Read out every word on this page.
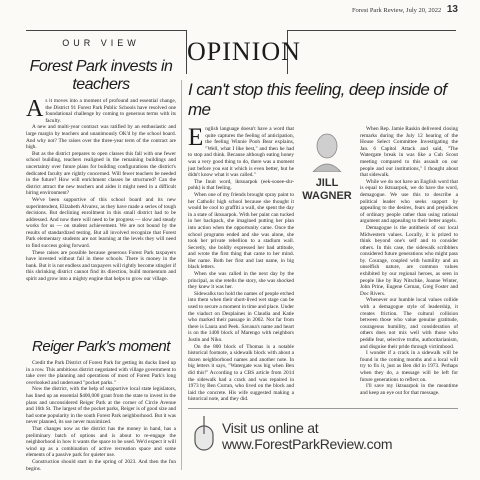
Forest Park Review, July 20, 2022 13
OUR VIEW	OPINION
Forest Park invests in teachers
A s it moves into a moment of profound and essential change, the District 91 Forest Park Public Schools have resolved one foundational challenge by coming to generous terms with its faculty.

A new and multi-year contract was ratified by an enthusiastic and large margin by teachers and unanimously OK'd by the school board. And why not? The raises over the three-year term of the contract are high.

But as the district prepares to open classes this fall with one fewer school building, teachers realigned in the remaining buildings and uncertainty over future plans for building configurations the district's dedicated faculty are rightly concerned. Will fewer teachers be needed in the future? How will enrichment classes be structured? Can the district attract the new teachers and aides it might need in a difficult hiring environment?

We've been supportive of this school board and its new superintendent, Elizabeth Alvarez, as they have made a series of tough decisions. But declining enrollment in this small district had to be addressed. And now there will need to be progress — slow and steady works for us — on student achievement. We are not bound by the results of standardized testing. But all involved recognize that Forest Park elementary students are not learning at the levels they will need to find success going forward.

These raises are possible because generous Forest Park taxpayers have invested without fail in these schools. There is money in the bank. But it is not endless and taxpayers will rightly become stingier if this shrinking district cannot find its direction, build momentum and spirit and grow into a mighty engine that helps to grow our village.

Reiger Park's moment

Credit the Park District of Forest Park for getting its ducks lined up in a row. This ambitious district negotiated with village government to take over the planning and operations of most of Forest Park's long overlooked and underused "pocket parks."

Now the district, with the help of supportive local state legislators, has lined up an essential $400,000 grant from the state to invest in the plans and unconsidered Reiger Park at the corner of Circle Avenue and 16th St. The largest of the pocket parks, Reiger is of good size and had some popularity in the south Forest Park neighborhood. But it was never planned, its use never maximized.

That changes now as the district has the money in hand, has a preliminary batch of options and is about to re-engage the neighborhood in how it wants the space to be used. We'd expect it will wind up as a combination of active recreation space and some elements of a passive park for quieter use.

Construction should start in the spring of 2023. And then the fun begins.

I can't stop this feeling, deep inside of me
E nglish language doesn't have a word that quite captures the feeling of anticipation, the feeling Winnie Pooh Bear explains, "Well, what I like best," and then he had to stop and think. Because although eating honey was a very good thing to do, there was a moment just before you eat it which is even better, but he didn't know what it was called."

The Inuit word, iktsuarpok (eek-sooee-shr-pohk) is that feeling.

When one of my friends brought spray paint to her Catholic high school because she thought it would be cool to graffiti a wall, she spent the day in a state of iktsuarpok. With her paint can tucked in her backpack, she imagined putting her plan into action when the opportunity came. Once the school programs ended and she was alone, she took her private rebellion to a stadium wall. Secretly, she boldly expressed her bad attitude, and wrote the first thing that came to her mind. Her name. Both her first and last name, in big black letters.

When she was called in the next day by the principal, as she retells the story, she was shocked they knew it was her.

Sidewalks too hold the names of people etched into them when their short-lived wet stage can be used to secure a moment in time and place. Under the viaduct on Desplaines in Claudia and Katie who marked their passage in 2002. Not far from there is Laura and Peek. Savana's name and heart is on the 1400 block of Marengo with neighbors Justin and Niko.

On the 800 block of Thomas is a notable historical footnote, a sidewalk block with about a dozen neighborhood names and another note. In big letters it says, "Watergate was big when Ben did this!" According to a CBS article from 2014 the sidewalk had a crack and was repaired in 1973 by Ben Curran, who lived on the block and laid the concrete. His wife suggested making a historical note, and they did.

JILL WAGNER

When Rep. Jamie Raskin delivered closing remarks during the July 12 hearing of the House Select Committee Investigating the Jan. 6 Capitol Attack and said, "The Watergate break in was like a Cub Scout meeting compared to this assault on our people and our institutions," I thought about that sidewalk.

While we do not have an English word that is equal to iktsuarpok, we do have the word, demagogue. We use this to describe a political leader who seeks support by appealing to the desires, fears and prejudices of ordinary people rather than using rational argument and appealing to their better angels.

Demagogue is the antithesis of our local Midwestern values. Locally, it is prized to think beyond one's self and to consider others. In this case, the sidewalk scribblers considered future generations who might pass by. Courage, coupled with humility and an unselfish nature, are common values exhibited by our regional heroes, as seen in people like by Ray Nitschke, Joanne Winter, John Prine, Eugene Cernan, Greg Foster and Doc Rivers.

Whenever our humble local values collide with a demagogue style of leadership, it creates friction. The cultural collision between those who value genuine gratitude, courageous humility, and consideration of others does not mix well with those who peddle fear, selective truths, authoritarianism, and disguise their pride through victimhood.

I wonder if a crack in a sidewalk will be found in the coming months and a local will try to fix it, just as Ben did in 1973. Perhaps when they do, a message will be left for future generations to reflect on.

I'll save my iktsuarpok in the meantime and keep an eye out for that message.

Visit us online at www.ForestParkReview.com
